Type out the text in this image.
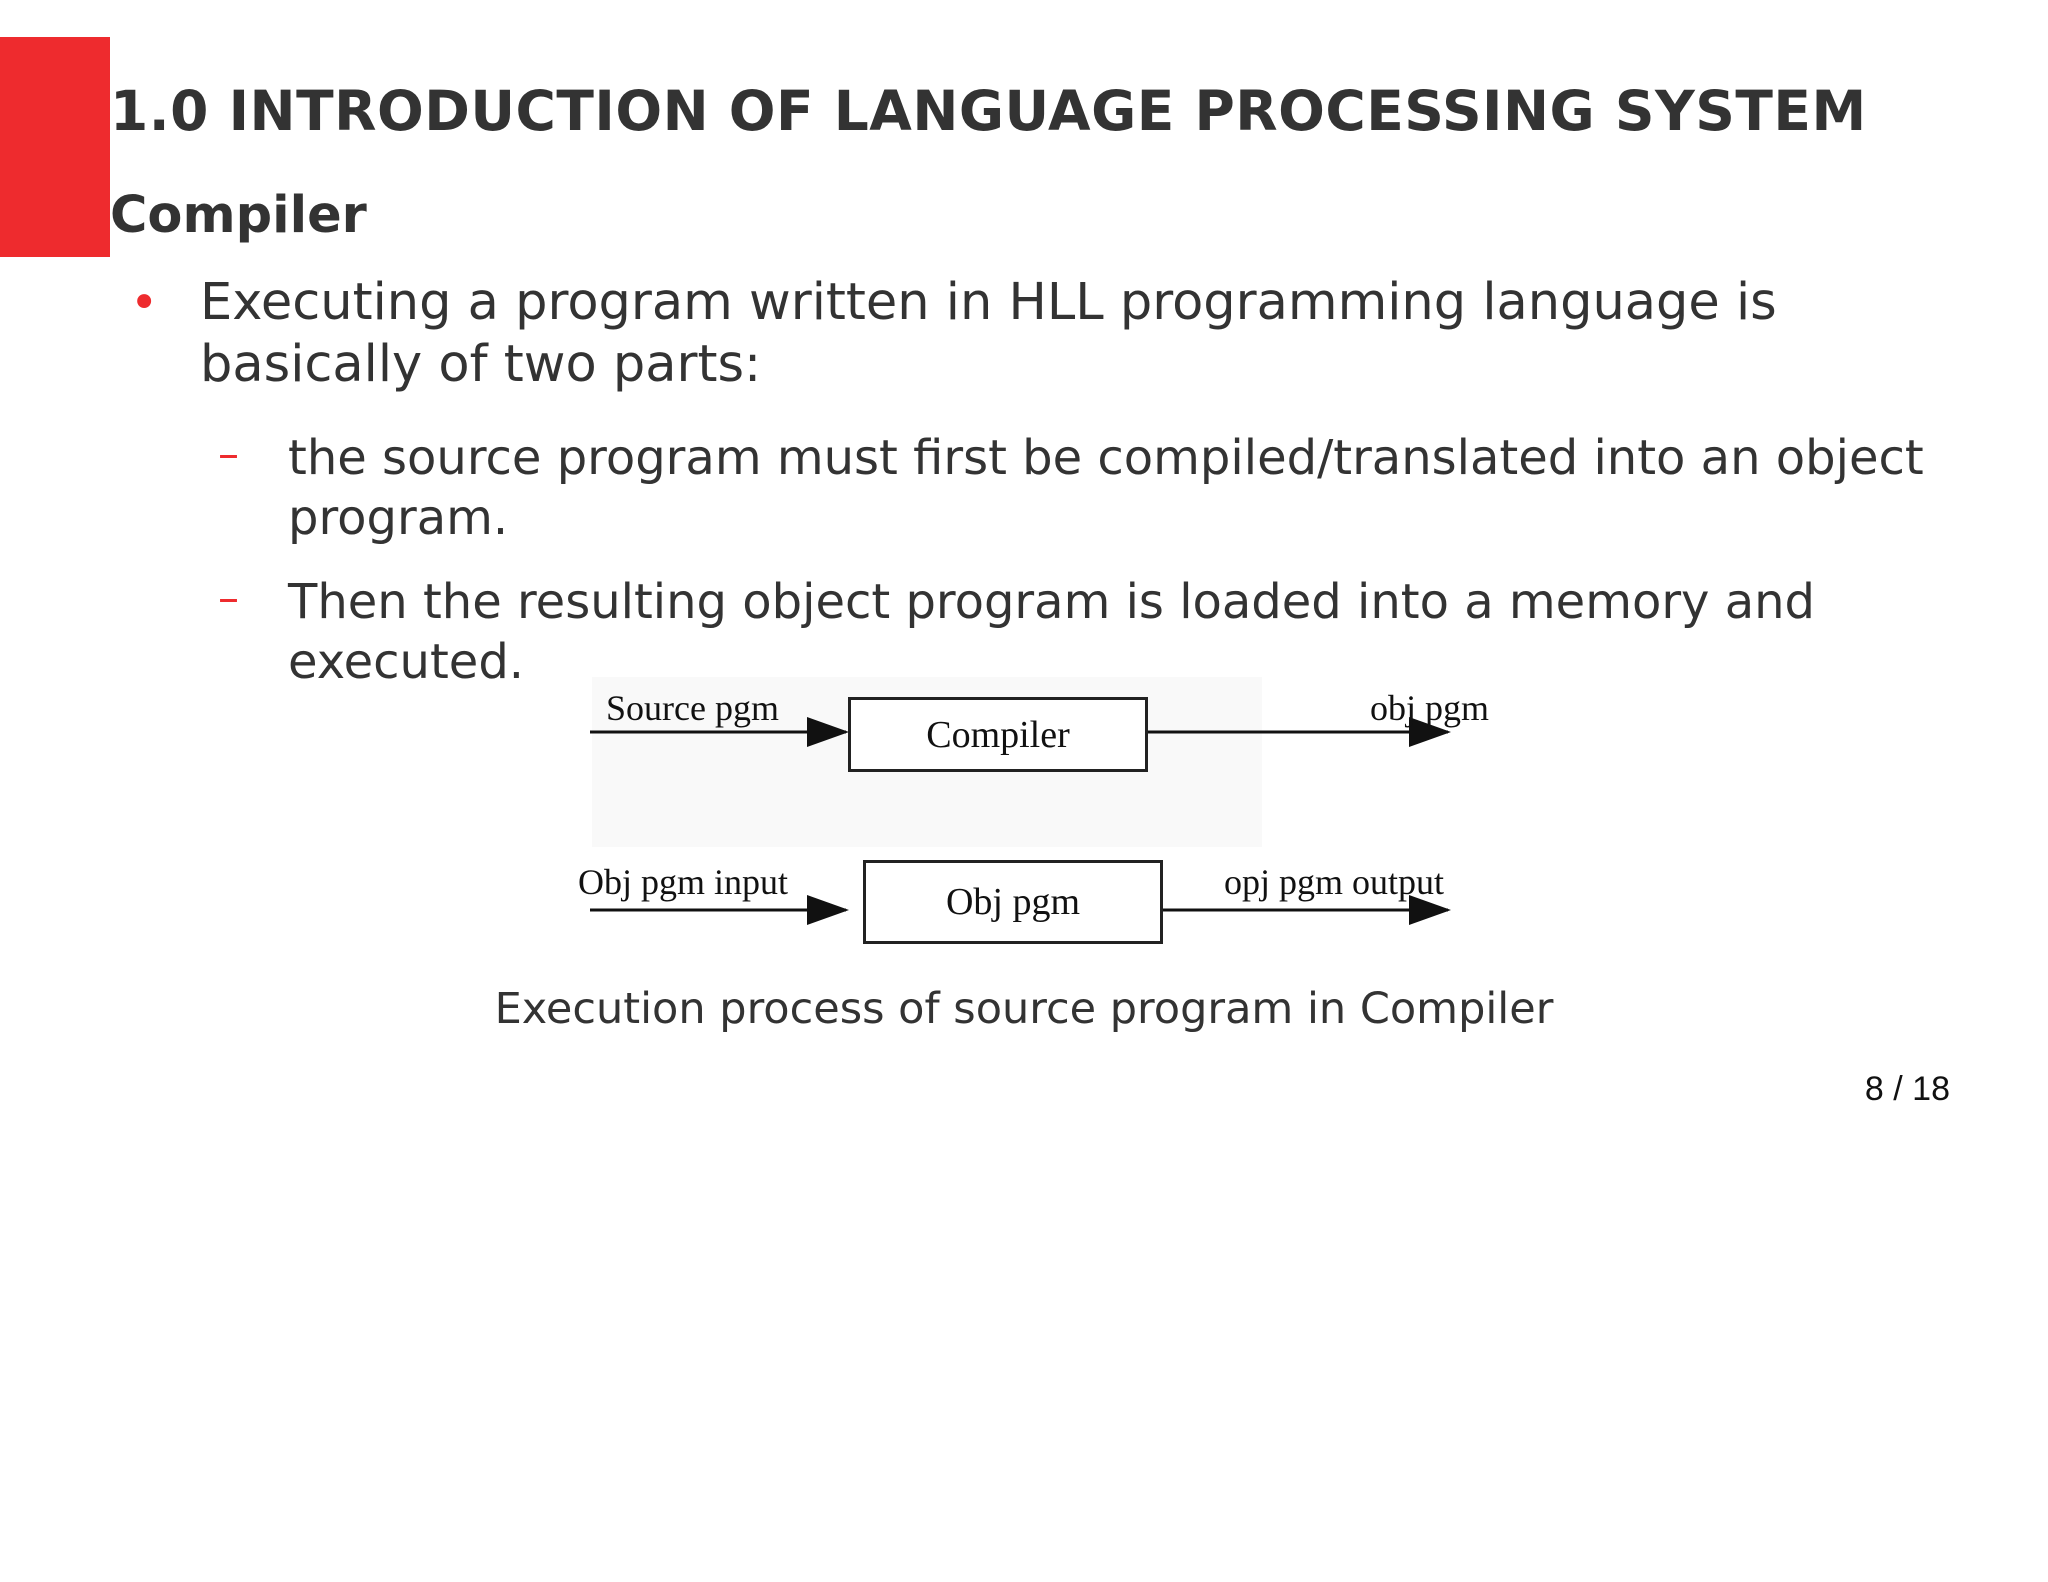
1.0 INTRODUCTION OF LANGUAGE PROCESSING SYSTEM
Compiler
• Executing a program written in HLL programming language is basically of two parts:
– the source program must first be compiled/translated into an object program.
– Then the resulting object program is loaded into a memory and executed.
Source pgm
Compiler
obj pgm
Obj pgm input	Obj pgm	opj pgm output
Execution process of source program in Compiler
8 / 18
